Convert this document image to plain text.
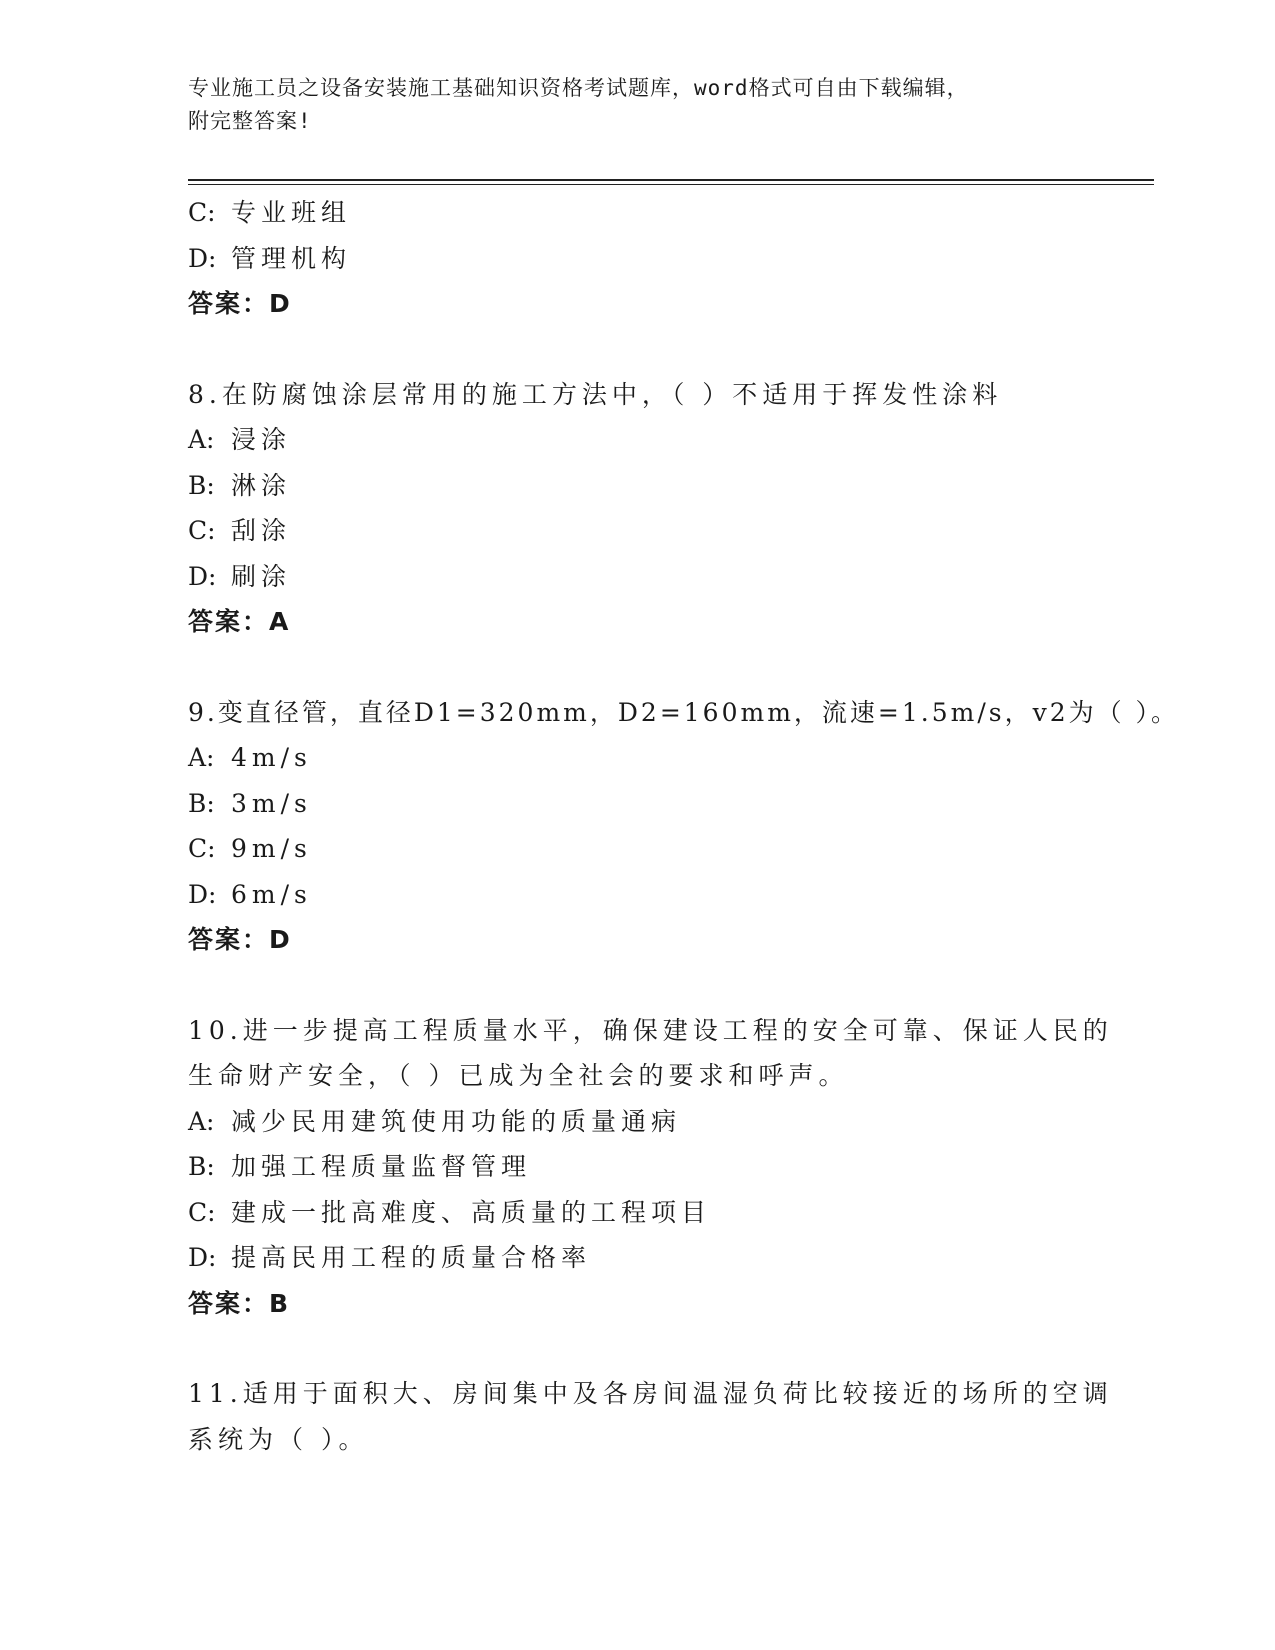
专业施工员之设备安装施工基础知识资格考试题库，word格式可自由下载编辑，
附完整答案!
C: 专业班组
D: 管理机构
答案：D
8.在防腐蚀涂层常用的施工方法中，（ ）不适用于挥发性涂料
A: 浸涂
B: 淋涂
C: 刮涂
D: 刷涂
答案：A
9.变直径管，直径D1=320mm，D2=160mm，流速=1.5m/s，v2为（ ）。
A: 4m/s
B: 3m/s
C: 9m/s
D: 6m/s
答案：D
10.进一步提高工程质量水平，确保建设工程的安全可靠、保证人民的
生命财产安全，（ ）已成为全社会的要求和呼声。
A: 减少民用建筑使用功能的质量通病
B: 加强工程质量监督管理
C: 建成一批高难度、高质量的工程项目
D: 提高民用工程的质量合格率
答案：B
11.适用于面积大、房间集中及各房间温湿负荷比较接近的场所的空调
系统为（ ）。
